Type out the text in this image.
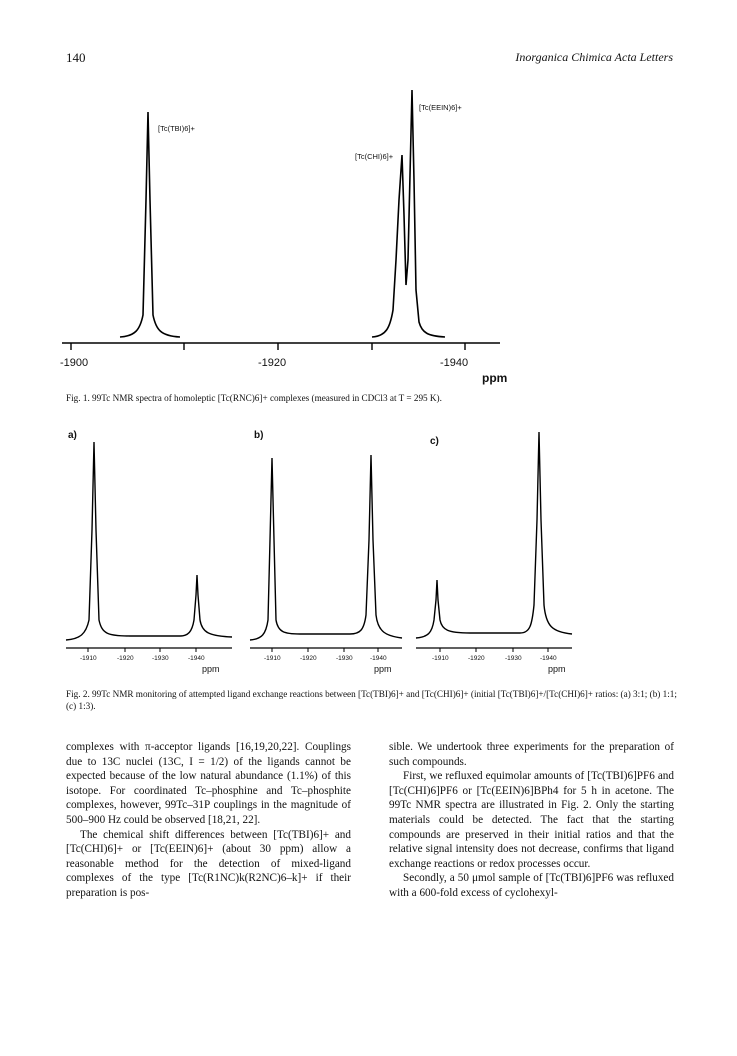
140	Inorganica Chimica Acta Letters
-1900	-1920	-1940
ppm
[Tc(TBI)6]+
[Tc(CHI)6]+
[Tc(EEIN)6]+
Fig. 1. 99Tc NMR spectra of homoleptic [Tc(RNC)6]+ complexes (measured in CDCl3 at T = 295 K).
a)	b)
c)
-1910	-1920	-1930	-1940	-1910	-1920	-1930	-1940	-1910	-1920	-1930	-1940
ppm	ppm	ppm
Fig. 2. 99Tc NMR monitoring of attempted ligand exchange reactions between [Tc(TBI)6]+ and [Tc(CHI)6]+ (initial [Tc(TBI)6]+/[Tc(CHI)6]+ ratios: (a) 3:1; (b) 1:1; (c) 1:3).

complexes with π-acceptor ligands [16,19,20,22]. Couplings due to 13C nuclei (13C, I = 1/2) of the ligands cannot be expected because of the low natural abundance (1.1%) of this isotope. For coordinated Tc–phosphine and Tc–phosphite complexes, however, 99Tc–31P couplings in the magnitude of 500–900 Hz could be observed [18,21, 22].

The chemical shift differences between [Tc(TBI)6]+ and [Tc(CHI)6]+ or [Tc(EEIN)6]+ (about 30 ppm) allow a reasonable method for the detection of mixed-ligand complexes of the type [Tc(R1NC)k(R2NC)6–k]+ if their preparation is pos-

sible. We undertook three experiments for the preparation of such compounds.

First, we refluxed equimolar amounts of [Tc(TBI)6]PF6 and [Tc(CHI)6]PF6 or [Tc(EEIN)6]BPh4 for 5 h in acetone. The 99Tc NMR spectra are illustrated in Fig. 2. Only the starting materials could be detected. The fact that the starting compounds are preserved in their initial ratios and that the relative signal intensity does not decrease, confirms that ligand exchange reactions or redox processes occur.

Secondly, a 50 μmol sample of [Tc(TBI)6]PF6 was refluxed with a 600-fold excess of cyclohexyl-
